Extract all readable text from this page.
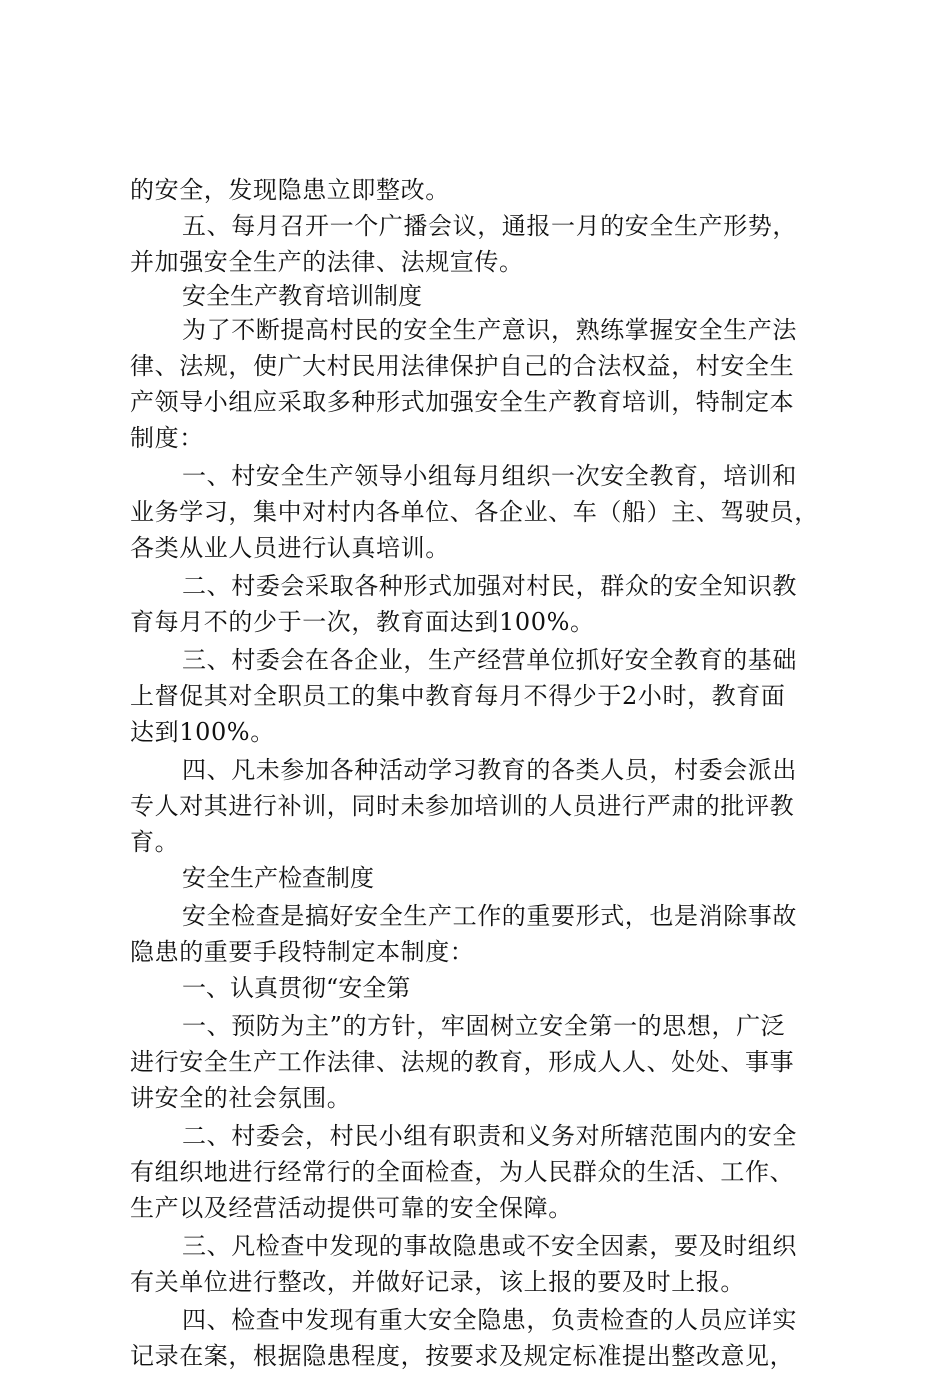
的安全，发现隐患立即整改。
五、每月召开一个广播会议，通报一月的安全生产形势，
并加强安全生产的法律、法规宣传。
安全生产教育培训制度
为了不断提高村民的安全生产意识，熟练掌握安全生产法
律、法规，使广大村民用法律保护自己的合法权益，村安全生
产领导小组应采取多种形式加强安全生产教育培训，特制定本
制度：
一、村安全生产领导小组每月组织一次安全教育，培训和
业务学习，集中对村内各单位、各企业、车（船）主、驾驶员，
各类从业人员进行认真培训。
二、村委会采取各种形式加强对村民，群众的安全知识教
育每月不的少于一次，教育面达到100%。
三、村委会在各企业，生产经营单位抓好安全教育的基础
上督促其对全职员工的集中教育每月不得少于2小时，教育面
达到100%。
四、凡未参加各种活动学习教育的各类人员，村委会派出
专人对其进行补训，同时未参加培训的人员进行严肃的批评教
育。
安全生产检查制度
安全检查是搞好安全生产工作的重要形式，也是消除事故
隐患的重要手段特制定本制度：
一、认真贯彻“安全第
一、预防为主”的方针，牢固树立安全第一的思想，广泛
进行安全生产工作法律、法规的教育，形成人人、处处、事事
讲安全的社会氛围。
二、村委会，村民小组有职责和义务对所辖范围内的安全
有组织地进行经常行的全面检查，为人民群众的生活、工作、
生产以及经营活动提供可靠的安全保障。
三、凡检查中发现的事故隐患或不安全因素，要及时组织
有关单位进行整改，并做好记录，该上报的要及时上报。
四、检查中发现有重大安全隐患，负责检查的人员应详实
记录在案，根据隐患程度，按要求及规定标准提出整改意见，
